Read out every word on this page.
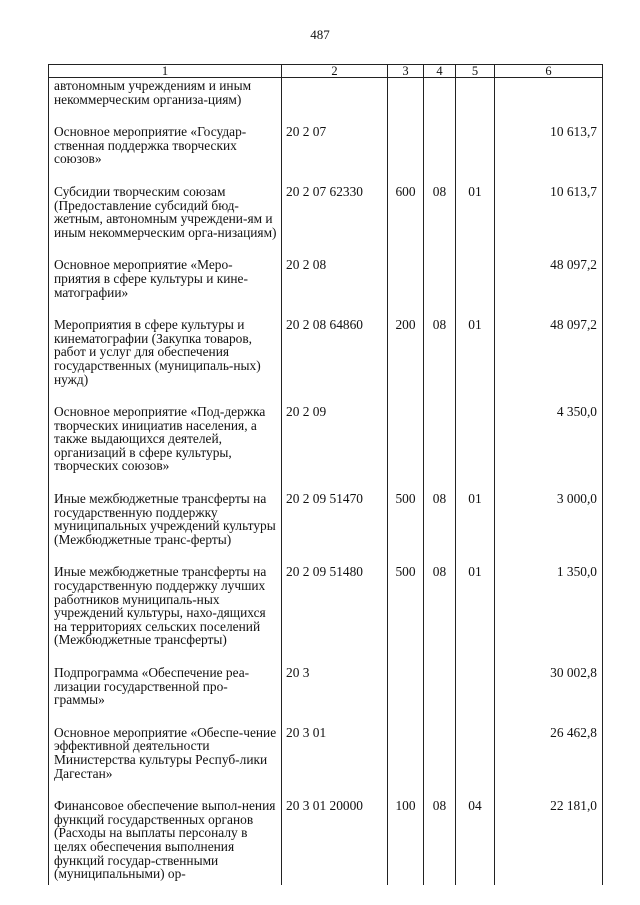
487
1	2	3	4	5	6
автономным учреждениям и иным некоммерческим организа-циям)					
Основное мероприятие «Государ-ственная поддержка творческих союзов»	20 2 07				10 613,7
Субсидии творческим союзам (Предоставление субсидий бюд-жетным, автономным учреждени-ям и иным некоммерческим орга-низациям)	20 2 07 62330	600	08	01	10 613,7
Основное мероприятие «Меро-приятия в сфере культуры и кине-матографии»	20 2 08				48 097,2
Мероприятия в сфере культуры и кинематографии (Закупка товаров, работ и услуг для обеспечения государственных (муниципаль-ных) нужд)	20 2 08 64860	200	08	01	48 097,2
Основное мероприятие «Под-держка творческих инициатив населения, а также выдающихся деятелей, организаций в сфере культуры, творческих союзов»	20 2 09				4 350,0
Иные межбюджетные трансферты на государственную поддержку муниципальных учреждений культуры (Межбюджетные транс-ферты)	20 2 09 51470	500	08	01	3 000,0
Иные межбюджетные трансферты на государственную поддержку лучших работников муниципаль-ных учреждений культуры, нахо-дящихся на территориях сельских поселений (Межбюджетные трансферты)	20 2 09 51480	500	08	01	1 350,0
Подпрограмма «Обеспечение реа-лизации государственной про-граммы»	20 3				30 002,8
Основное мероприятие «Обеспе-чение эффективной деятельности Министерства культуры Респуб-лики Дагестан»	20 3 01				26 462,8
Финансовое обеспечение выпол-нения функций государственных органов (Расходы на выплаты персоналу в целях обеспечения выполнения функций государ-ственными (муниципальными) ор-	20 3 01 20000	100	08	04	22 181,0
